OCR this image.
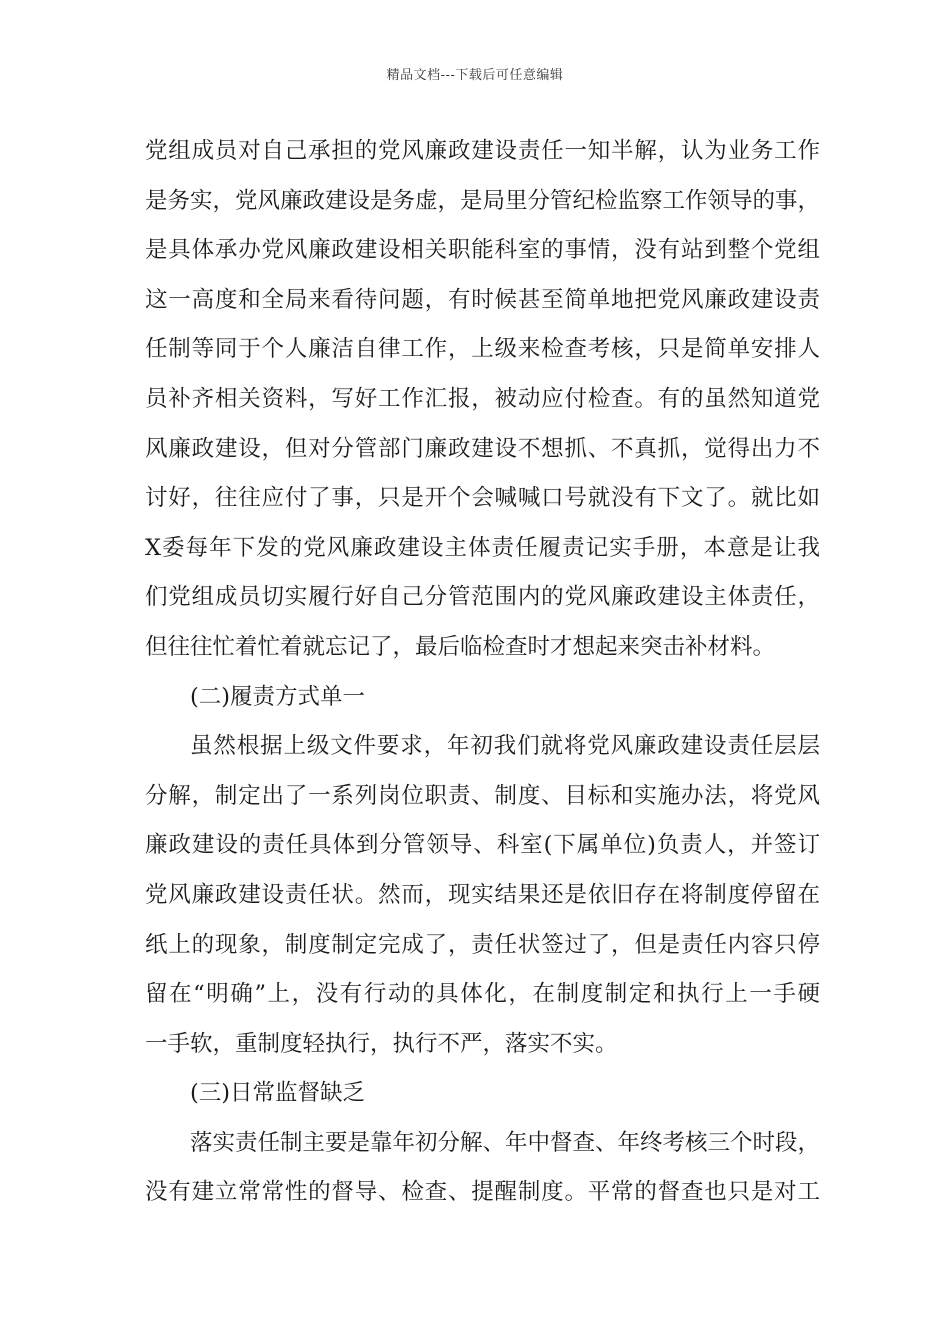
精品文档---下载后可任意编辑
党组成员对自己承担的党风廉政建设责任一知半解，认为业务工作
是务实，党风廉政建设是务虚，是局里分管纪检监察工作领导的事，
是具体承办党风廉政建设相关职能科室的事情，没有站到整个党组
这一高度和全局来看待问题，有时候甚至简单地把党风廉政建设责
任制等同于个人廉洁自律工作，上级来检查考核，只是简单安排人
员补齐相关资料，写好工作汇报，被动应付检查。有的虽然知道党
风廉政建设，但对分管部门廉政建设不想抓、不真抓，觉得出力不
讨好，往往应付了事，只是开个会喊喊口号就没有下文了。就比如
X委每年下发的党风廉政建设主体责任履责记实手册，本意是让我
们党组成员切实履行好自己分管范围内的党风廉政建设主体责任，
但往往忙着忙着就忘记了，最后临检查时才想起来突击补材料。
(二)履责方式单一
虽然根据上级文件要求，年初我们就将党风廉政建设责任层层
分解，制定出了一系列岗位职责、制度、目标和实施办法，将党风
廉政建设的责任具体到分管领导、科室(下属单位)负责人，并签订
党风廉政建设责任状。然而，现实结果还是依旧存在将制度停留在
纸上的现象，制度制定完成了，责任状签过了，但是责任内容只停
留在“明确”上，没有行动的具体化，在制度制定和执行上一手硬
一手软，重制度轻执行，执行不严，落实不实。
(三)日常监督缺乏
落实责任制主要是靠年初分解、年中督查、年终考核三个时段，
没有建立常常性的督导、检查、提醒制度。平常的督查也只是对工
